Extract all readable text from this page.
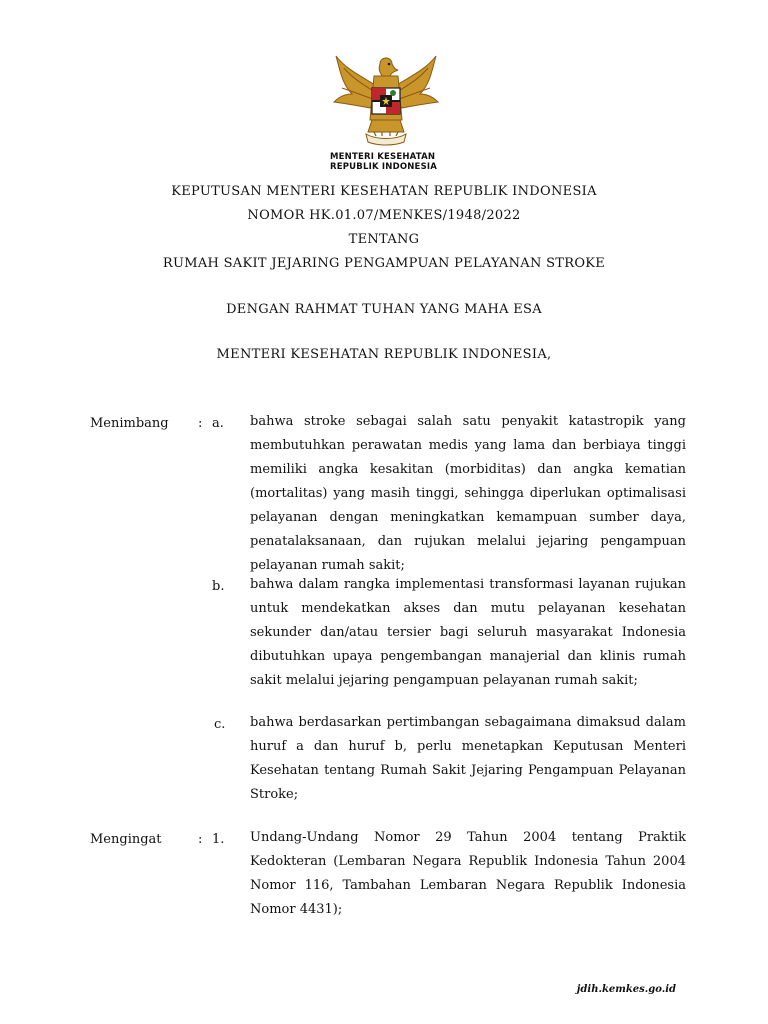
MENTERI KESEHATAN
REPUBLIK INDONESIA
KEPUTUSAN MENTERI KESEHATAN REPUBLIK INDONESIA
NOMOR HK.01.07/MENKES/1948/2022
TENTANG
RUMAH SAKIT JEJARING PENGAMPUAN PELAYANAN STROKE
DENGAN RAHMAT TUHAN YANG MAHA ESA
MENTERI KESEHATAN REPUBLIK INDONESIA,
Menimbang : a. bahwa stroke sebagai salah satu penyakit katastropik yang membutuhkan perawatan medis yang lama dan berbiaya tinggi memiliki angka kesakitan (morbiditas) dan angka kematian (mortalitas) yang masih tinggi, sehingga diperlukan optimalisasi pelayanan dengan meningkatkan kemampuan sumber daya, penatalaksanaan, dan rujukan melalui jejaring pengampuan pelayanan rumah sakit;
b. bahwa dalam rangka implementasi transformasi layanan rujukan untuk mendekatkan akses dan mutu pelayanan kesehatan sekunder dan/atau tersier bagi seluruh masyarakat Indonesia dibutuhkan upaya pengembangan manajerial dan klinis rumah sakit melalui jejaring pengampuan pelayanan rumah sakit;
c. bahwa berdasarkan pertimbangan sebagaimana dimaksud dalam huruf a dan huruf b, perlu menetapkan Keputusan Menteri Kesehatan tentang Rumah Sakit Jejaring Pengampuan Pelayanan Stroke;
Mengingat	: 1. Undang-Undang Nomor 29 Tahun 2004 tentang Praktik Kedokteran (Lembaran Negara Republik Indonesia Tahun 2004 Nomor 116, Tambahan Lembaran Negara Republik Indonesia Nomor 4431);
jdih.kemkes.go.id
